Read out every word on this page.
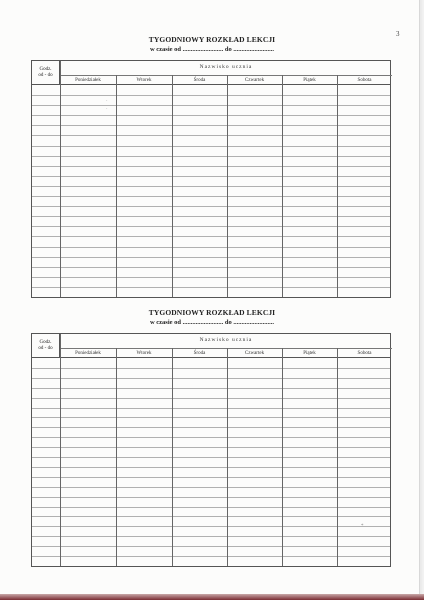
3
TYGODNIOWY ROZKŁAD LEKCJI
w czasie od ......................... do .........................
Godz.
od - do
Nazwisko ucznia
Poniedziałek	Wtorek	Środa	Czwartek	Piątek	Sobota
·
·
TYGODNIOWY ROZKŁAD LEKCJI
w czasie od ......................... do .........................
Godz.
od - do
Nazwisko ucznia
Poniedziałek	Wtorek	Środa	Czwartek	Piątek	Sobota
